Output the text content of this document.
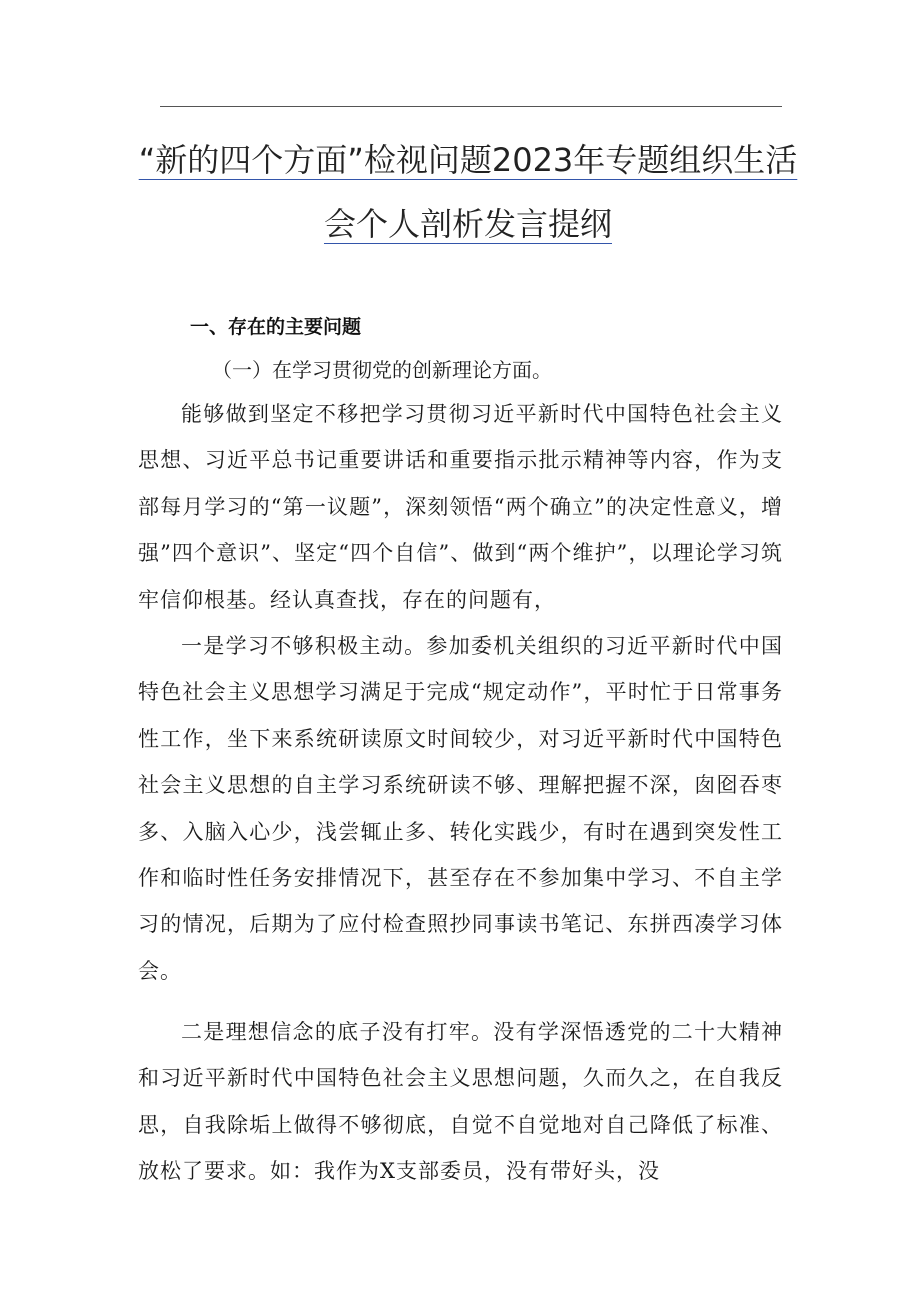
“新的四个方面”检视问题2023年专题组织生活会个人剖析发言提纲
一、存在的主要问题

（一）在学习贯彻党的创新理论方面。

能够做到坚定不移把学习贯彻习近平新时代中国特色社会主义思想、习近平总书记重要讲话和重要指示批示精神等内容，作为支部每月学习的“第一议题”，深刻领悟“两个确立”的决定性意义，增强”四个意识”、坚定“四个自信”、做到“两个维护”，以理论学习筑牢信仰根基。经认真查找，存在的问题有，

一是学习不够积极主动。参加委机关组织的习近平新时代中国特色社会主义思想学习满足于完成“规定动作”，平时忙于日常事务性工作，坐下来系统研读原文时间较少，对习近平新时代中国特色社会主义思想的自主学习系统研读不够、理解把握不深，囱囵吞枣多、入脑入心少，浅尝辄止多、转化实践少，有时在遇到突发性工作和临时性任务安排情况下，甚至存在不参加集中学习、不自主学习的情况，后期为了应付检查照抄同事读书笔记、东拼西凑学习体会。

二是理想信念的底子没有打牢。没有学深悟透党的二十大精神和习近平新时代中国特色社会主义思想问题，久而久之，在自我反思，自我除垢上做得不够彻底，自觉不自觉地对自己降低了标准、放松了要求。如：我作为X支部委员，没有带好头，没
